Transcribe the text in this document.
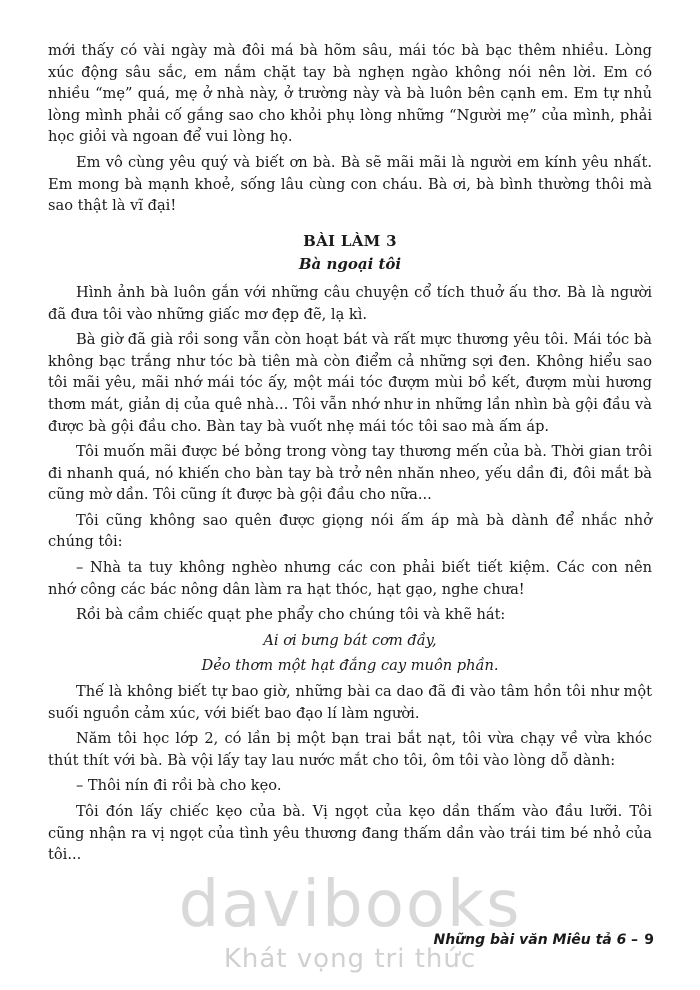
mới thấy có vài ngày mà đôi má bà hõm sâu, mái tóc bà bạc thêm nhiều. Lòng xúc động sâu sắc, em nắm chặt tay bà nghẹn ngào không nói nên lời. Em có nhiều “mẹ” quá, mẹ ở nhà này, ở trường này và bà luôn bên cạnh em. Em tự nhủ lòng mình phải cố gắng sao cho khỏi phụ lòng những “Người mẹ” của mình, phải học giỏi và ngoan để vui lòng họ.

Em vô cùng yêu quý và biết ơn bà. Bà sẽ mãi mãi là người em kính yêu nhất. Em mong bà mạnh khoẻ, sống lâu cùng con cháu. Bà ơi, bà bình thường thôi mà sao thật là vĩ đại!

BÀI LÀM 3
Bà ngoại tôi

Hình ảnh bà luôn gắn với những câu chuyện cổ tích thuở ấu thơ. Bà là người đã đưa tôi vào những giấc mơ đẹp đẽ, lạ kì.

Bà giờ đã già rồi song vẫn còn hoạt bát và rất mực thương yêu tôi. Mái tóc bà không bạc trắng như tóc bà tiên mà còn điểm cả những sợi đen. Không hiểu sao tôi mãi yêu, mãi nhớ mái tóc ấy, một mái tóc đượm mùi bồ kết, đượm mùi hương thơm mát, giản dị của quê nhà... Tôi vẫn nhớ như in những lần nhìn bà gội đầu và được bà gội đầu cho. Bàn tay bà vuốt nhẹ mái tóc tôi sao mà ấm áp.

Tôi muốn mãi được bé bỏng trong vòng tay thương mến của bà. Thời gian trôi đi nhanh quá, nó khiến cho bàn tay bà trở nên nhăn nheo, yếu dần đi, đôi mắt bà cũng mờ dần. Tôi cũng ít được bà gội đầu cho nữa...

Tôi cũng không sao quên được giọng nói ấm áp mà bà dành để nhắc nhở chúng tôi:

– Nhà ta tuy không nghèo nhưng các con phải biết tiết kiệm. Các con nên nhớ công các bác nông dân làm ra hạt thóc, hạt gạo, nghe chưa!

Rồi bà cầm chiếc quạt phe phẩy cho chúng tôi và khẽ hát:

Ai ơi bưng bát cơm đầy,

Dẻo thơm một hạt đắng cay muôn phần.

Thế là không biết tự bao giờ, những bài ca dao đã đi vào tâm hồn tôi như một suối nguồn cảm xúc, với biết bao đạo lí làm người.

Năm tôi học lớp 2, có lần bị một bạn trai bắt nạt, tôi vừa chạy về vừa khóc thút thít với bà. Bà vội lấy tay lau nước mắt cho tôi, ôm tôi vào lòng dỗ dành:

– Thôi nín đi rồi bà cho kẹo.

Tôi đón lấy chiếc kẹo của bà. Vị ngọt của kẹo dần thấm vào đầu lưỡi. Tôi cũng nhận ra vị ngọt của tình yêu thương đang thấm dần vào trái tim bé nhỏ của tôi...

davibooks
Khát vọng tri thức
Những bài văn Miêu tả 6 – 9
